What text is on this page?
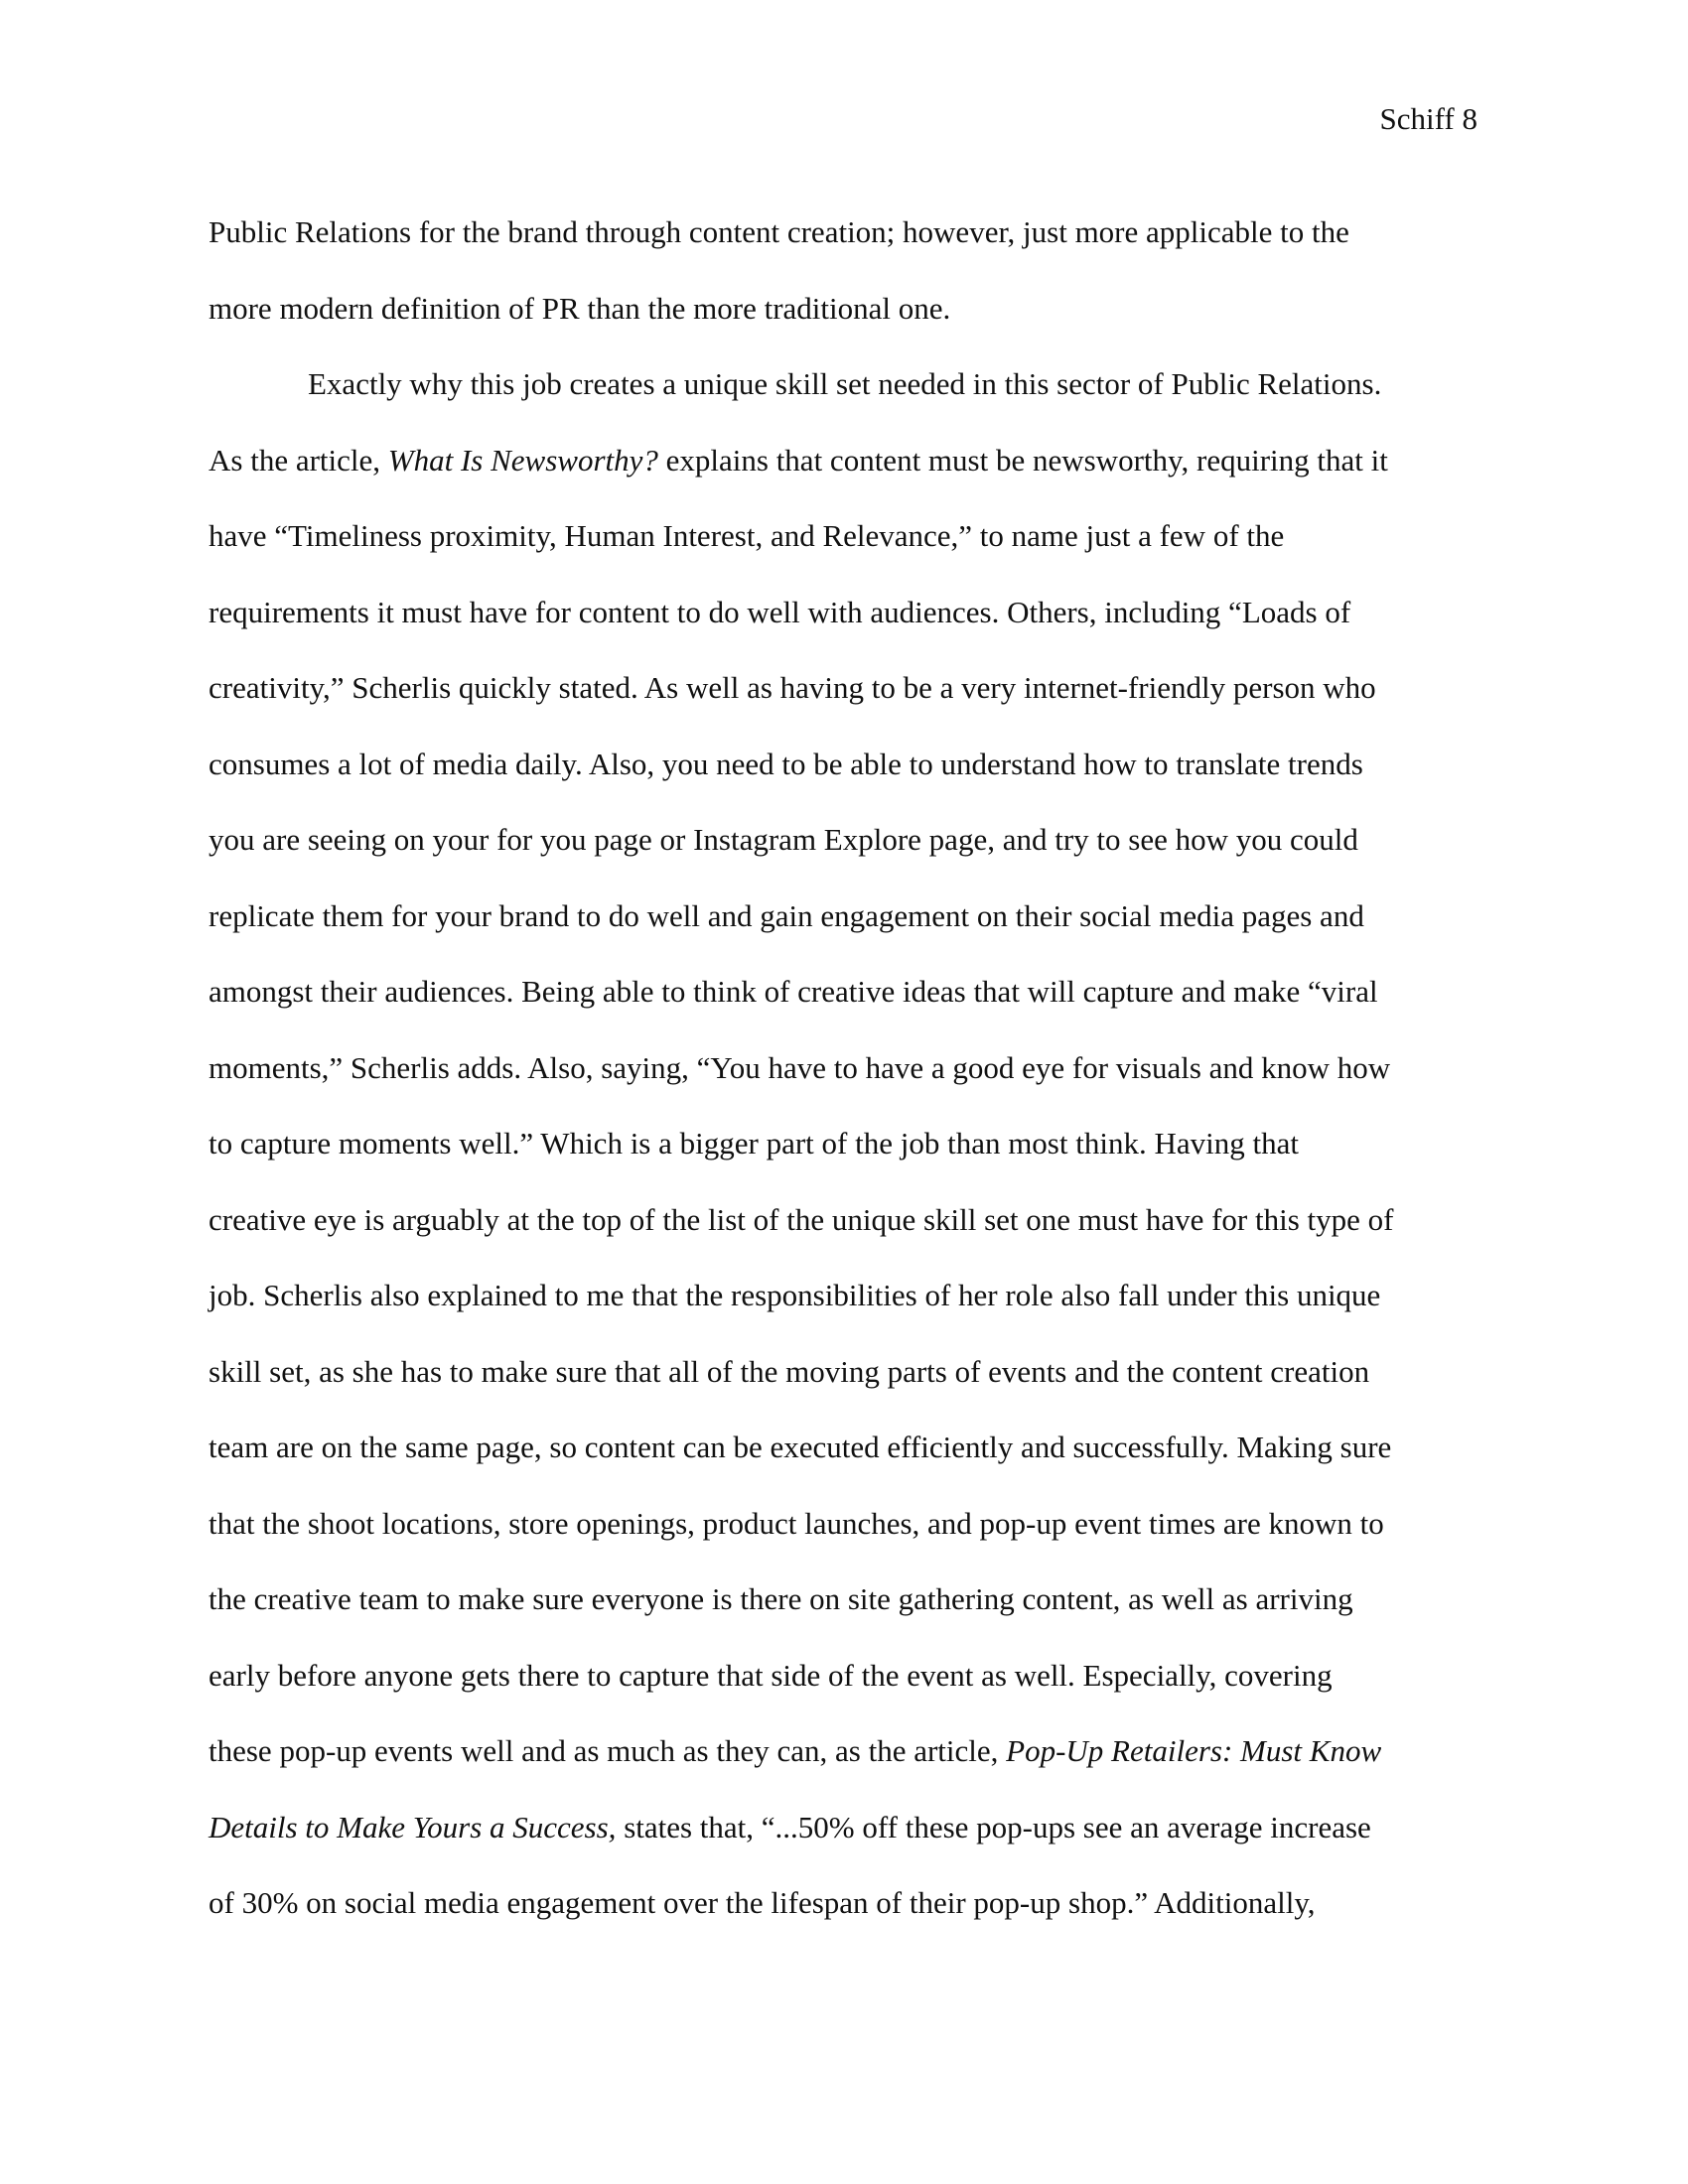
Schiff 8
Public Relations for the brand through content creation; however, just more applicable to the
more modern definition of PR than the more traditional one.
Exactly why this job creates a unique skill set needed in this sector of Public Relations.
As the article, What Is Newsworthy? explains that content must be newsworthy, requiring that it
have “Timeliness proximity, Human Interest, and Relevance,” to name just a few of the
requirements it must have for content to do well with audiences. Others, including “Loads of
creativity,” Scherlis quickly stated. As well as having to be a very internet-friendly person who
consumes a lot of media daily. Also, you need to be able to understand how to translate trends
you are seeing on your for you page or Instagram Explore page, and try to see how you could
replicate them for your brand to do well and gain engagement on their social media pages and
amongst their audiences. Being able to think of creative ideas that will capture and make “viral
moments,” Scherlis adds. Also, saying, “You have to have a good eye for visuals and know how
to capture moments well.” Which is a bigger part of the job than most think. Having that
creative eye is arguably at the top of the list of the unique skill set one must have for this type of
job. Scherlis also explained to me that the responsibilities of her role also fall under this unique
skill set, as she has to make sure that all of the moving parts of events and the content creation
team are on the same page, so content can be executed efficiently and successfully. Making sure
that the shoot locations, store openings, product launches, and pop-up event times are known to
the creative team to make sure everyone is there on site gathering content, as well as arriving
early before anyone gets there to capture that side of the event as well. Especially, covering
these pop-up events well and as much as they can, as the article, Pop-Up Retailers: Must Know
Details to Make Yours a Success, states that, “...50% off these pop-ups see an average increase
of 30% on social media engagement over the lifespan of their pop-up shop.” Additionally,
